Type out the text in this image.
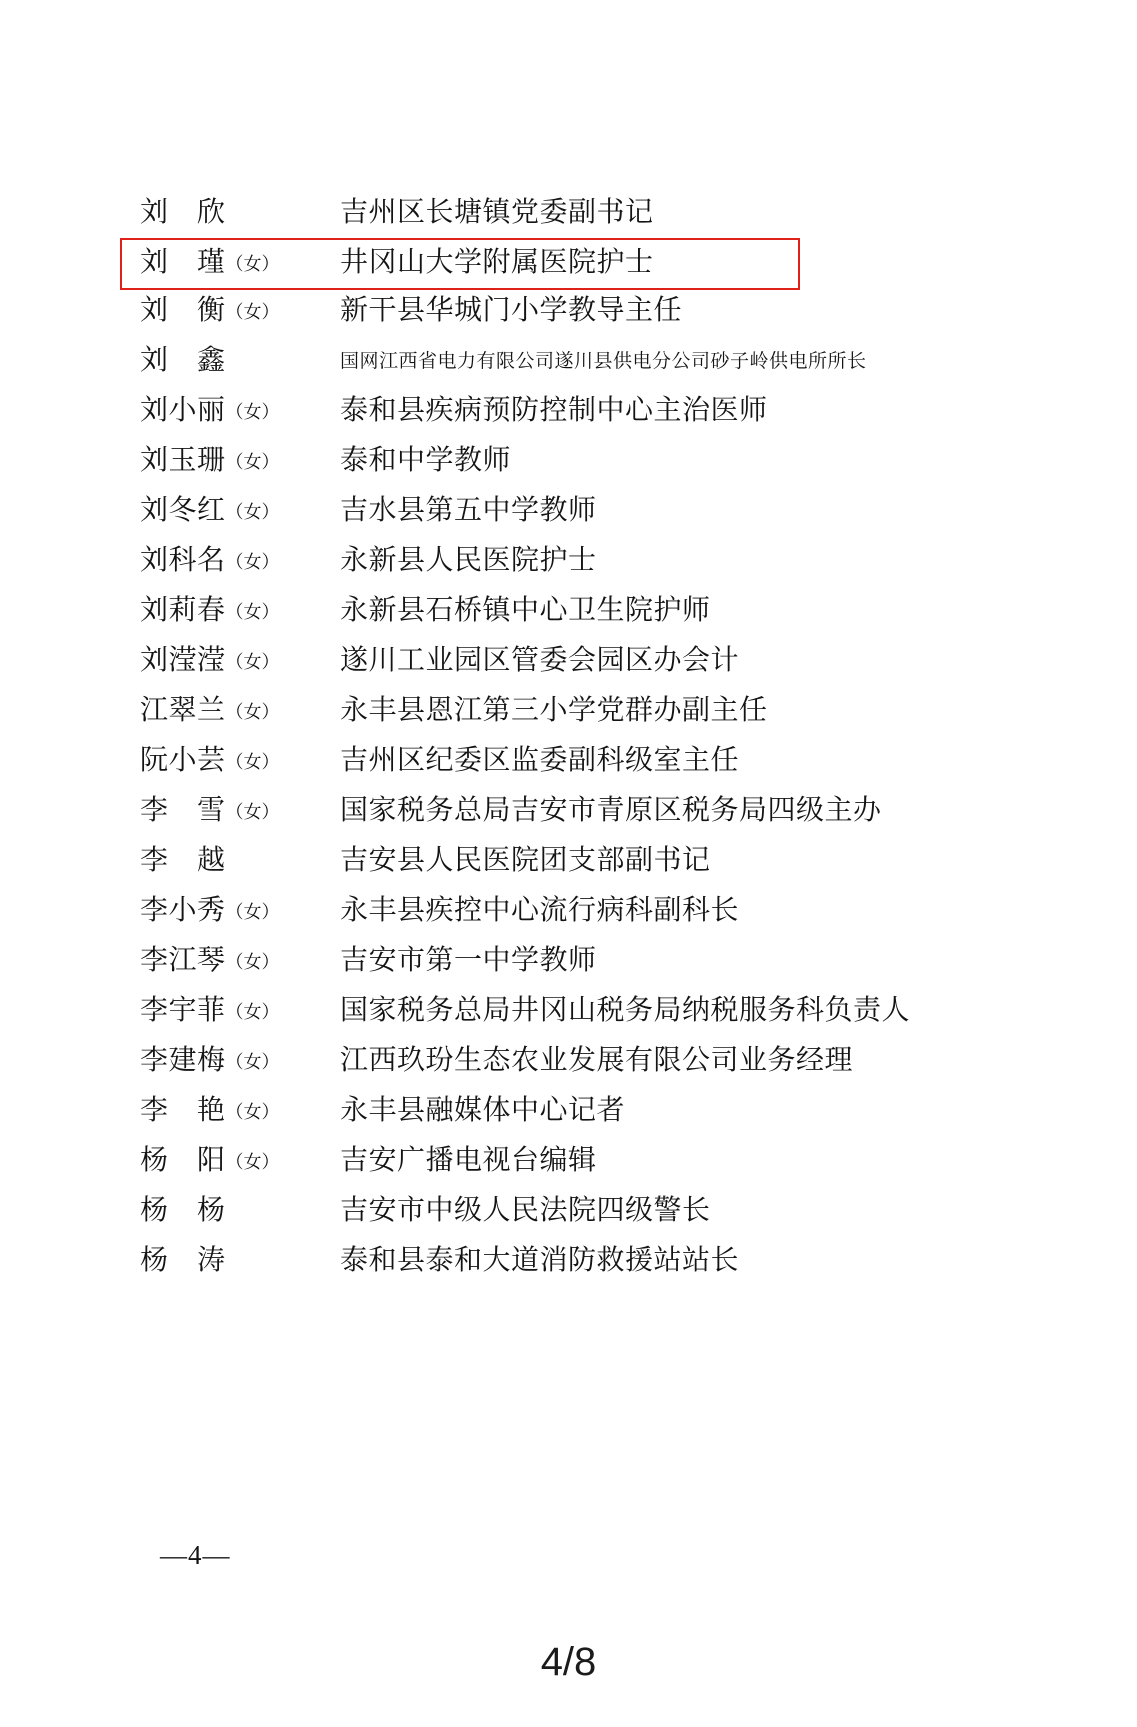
刘　欣	吉州区长塘镇党委副书记
刘　瑾（女）	井冈山大学附属医院护士
刘　衡（女）	新干县华城门小学教导主任
刘　鑫	国网江西省电力有限公司遂川县供电分公司砂子岭供电所所长
刘小丽（女）	泰和县疾病预防控制中心主治医师
刘玉珊（女）	泰和中学教师
刘冬红（女）	吉水县第五中学教师
刘科名（女）	永新县人民医院护士
刘莉春（女）	永新县石桥镇中心卫生院护师
刘滢滢（女）	遂川工业园区管委会园区办会计
江翠兰（女）	永丰县恩江第三小学党群办副主任
阮小芸（女）	吉州区纪委区监委副科级室主任
李　雪（女）	国家税务总局吉安市青原区税务局四级主办
李　越	吉安县人民医院团支部副书记
李小秀（女）	永丰县疾控中心流行病科副科长
李江琴（女）	吉安市第一中学教师
李宇菲（女）	国家税务总局井冈山税务局纳税服务科负责人
李建梅（女）	江西玖玢生态农业发展有限公司业务经理
李　艳（女）	永丰县融媒体中心记者
杨　阳（女）	吉安广播电视台编辑
杨　杨	吉安市中级人民法院四级警长
杨　涛	泰和县泰和大道消防救援站站长
—4—
4/8
